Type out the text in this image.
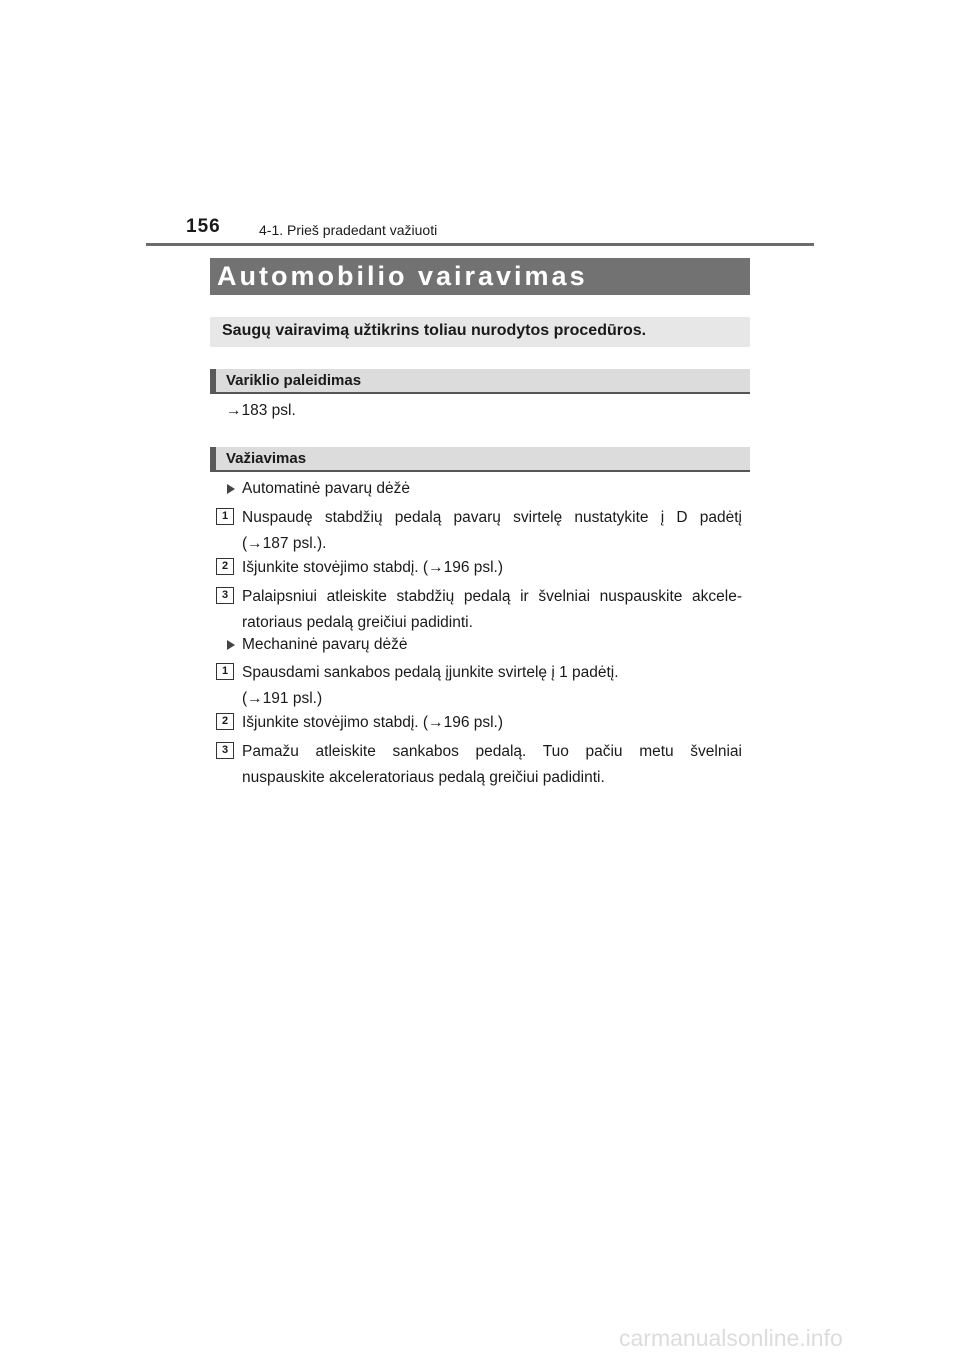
156	4-1. Prieš pradedant važiuoti
Automobilio vairavimas
Saugų vairavimą užtikrins toliau nurodytos procedūros.
Variklio paleidimas
→183 psl.
Važiavimas
Automatinė pavarų dėžė
1 Nuspaudę stabdžių pedalą pavarų svirtelę nustatykite į D padėtį
(→187 psl.).
2 Išjunkite stovėjimo stabdį. (→196 psl.)
3 Palaipsniui atleiskite stabdžių pedalą ir švelniai nuspauskite akcele-
ratoriaus pedalą greičiui padidinti.
Mechaninė pavarų dėžė
1 Spausdami sankabos pedalą įjunkite svirtelę į 1 padėtį.
(→191 psl.)
2 Išjunkite stovėjimo stabdį. (→196 psl.)
3 Pamažu atleiskite sankabos pedalą. Tuo pačiu metu švelniai
nuspauskite akceleratoriaus pedalą greičiui padidinti.
carmanualsonline.info
